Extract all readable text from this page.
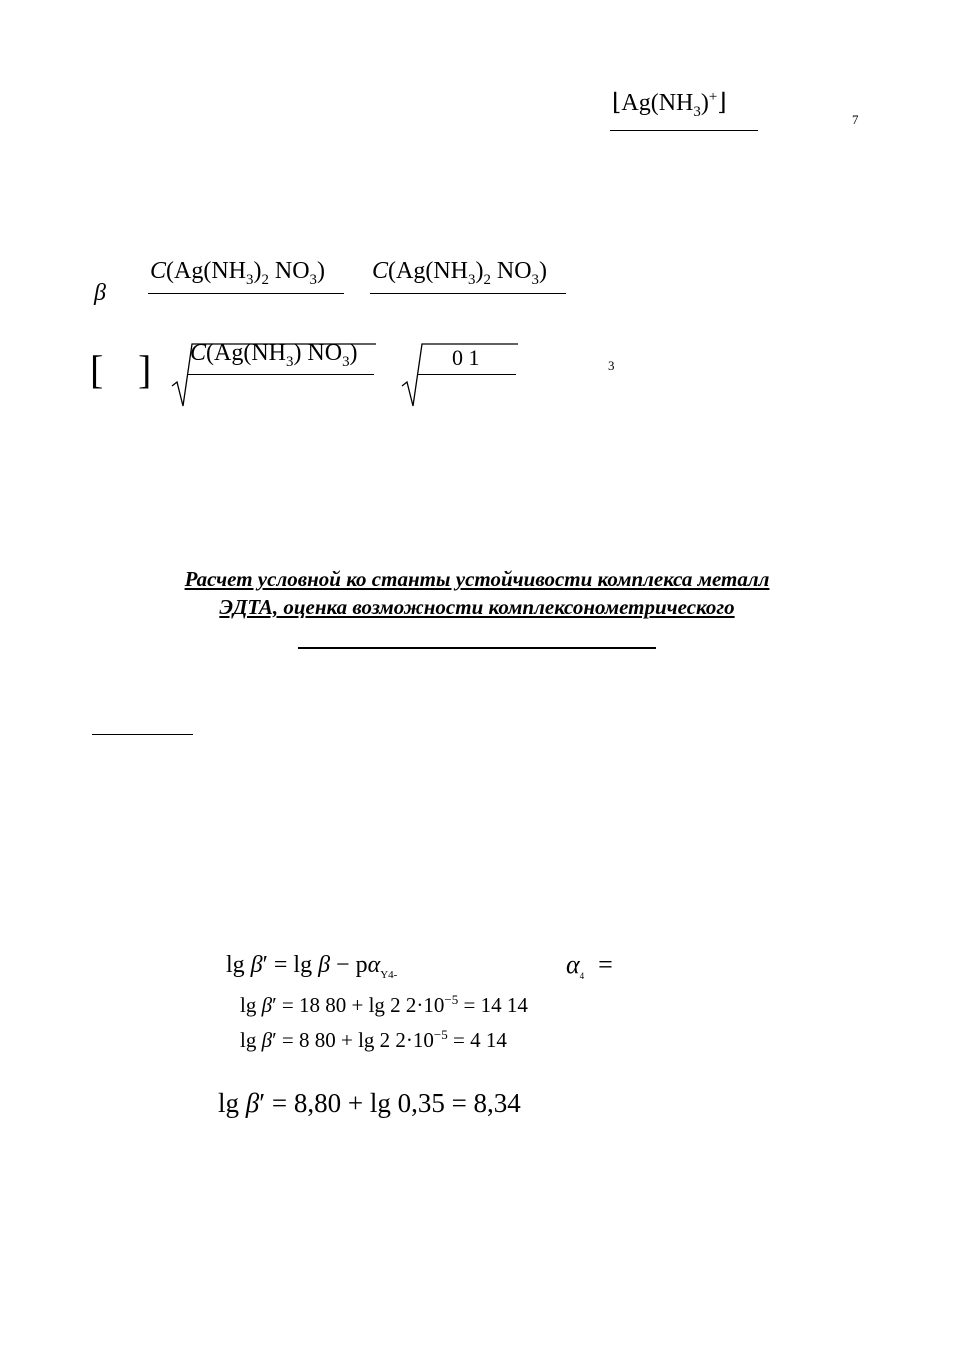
$⌊Ag(NH_3)^+⌋$
7
β
$C(Ag(NH_3)_2$ $NO_3$) $C(Ag(NH_3)_2$ $NO_3$)
[ ] $C(Ag(NH_3)$ $NO_3$)	0 1	3
Расчет условной ко станты устойчивости комплекса металл
ЭДТА, оценка возможности комплексонометрического
$\lg \beta' = \lg \beta - p\alpha_{Y4-}$	$\alpha_4$ =
lg β′ = 18 80 + lg 2 $2\cdot 10^{-5} = 14$ 14
lg β′ = 8 80 + lg 2 $2\cdot 10^{-5} = 4$ 14
lg β′ = 8,80 + lg 0,35 = 8,34
